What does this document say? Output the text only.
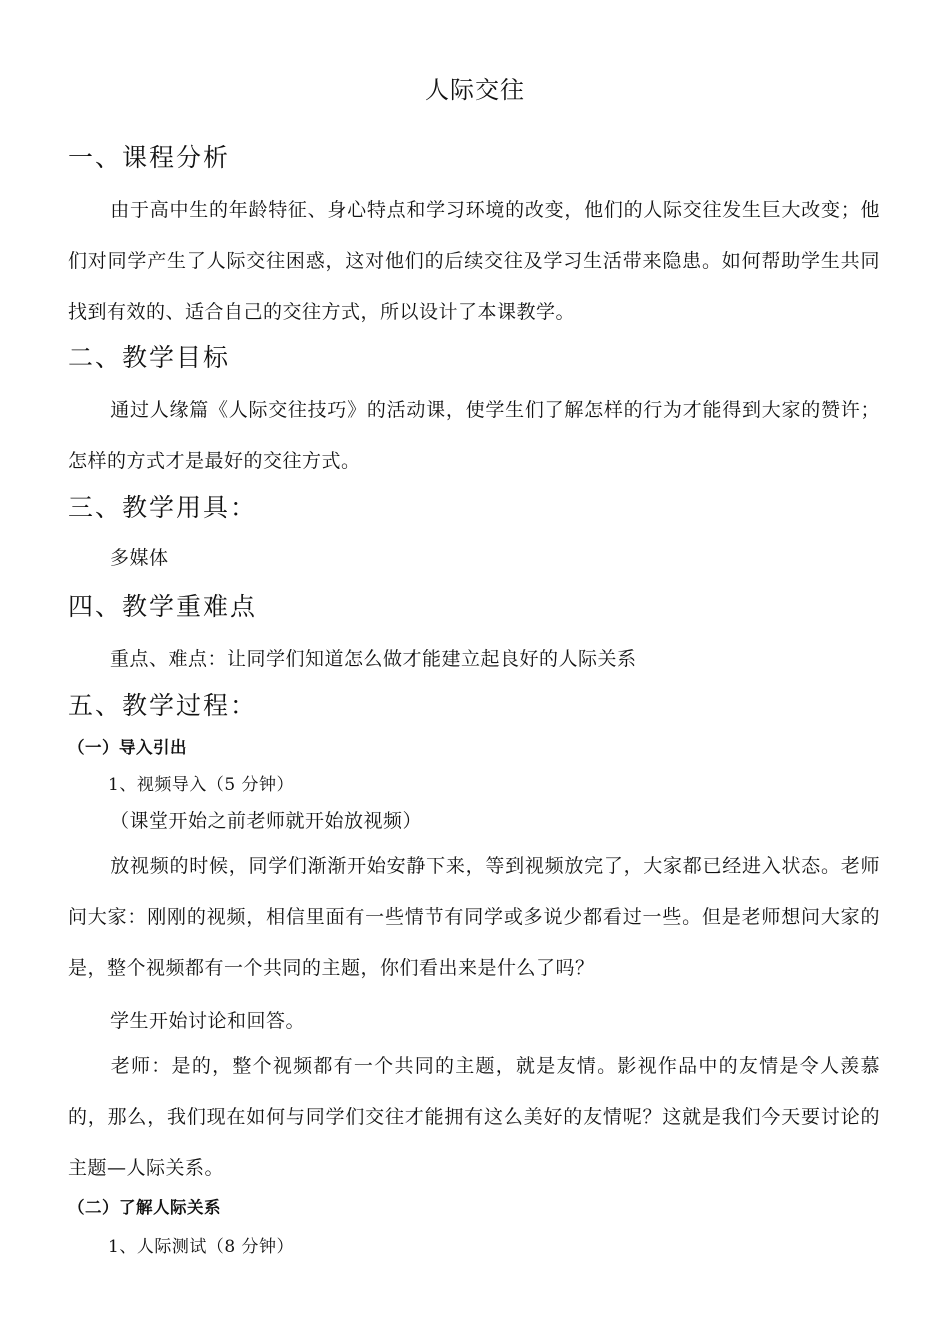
人际交往
一、课程分析
由于高中生的年龄特征、身心特点和学习环境的改变，他们的人际交往发生巨大改变；他们对同学产生了人际交往困惑，这对他们的后续交往及学习生活带来隐患。如何帮助学生共同找到有效的、适合自己的交往方式，所以设计了本课教学。
二、教学目标
通过人缘篇《人际交往技巧》的活动课，使学生们了解怎样的行为才能得到大家的赞许；怎样的方式才是最好的交往方式。
三、教学用具：
多媒体
四、教学重难点
重点、难点：让同学们知道怎么做才能建立起良好的人际关系
五、教学过程：
（一）导入引出
1、视频导入（5 分钟）
（课堂开始之前老师就开始放视频）
放视频的时候，同学们渐渐开始安静下来，等到视频放完了，大家都已经进入状态。老师问大家：刚刚的视频，相信里面有一些情节有同学或多说少都看过一些。但是老师想问大家的是，整个视频都有一个共同的主题，你们看出来是什么了吗？
学生开始讨论和回答。
老师：是的，整个视频都有一个共同的主题，就是友情。影视作品中的友情是令人羡慕的，那么，我们现在如何与同学们交往才能拥有这么美好的友情呢？这就是我们今天要讨论的主题—人际关系。
（二）了解人际关系
1、人际测试（8 分钟）
